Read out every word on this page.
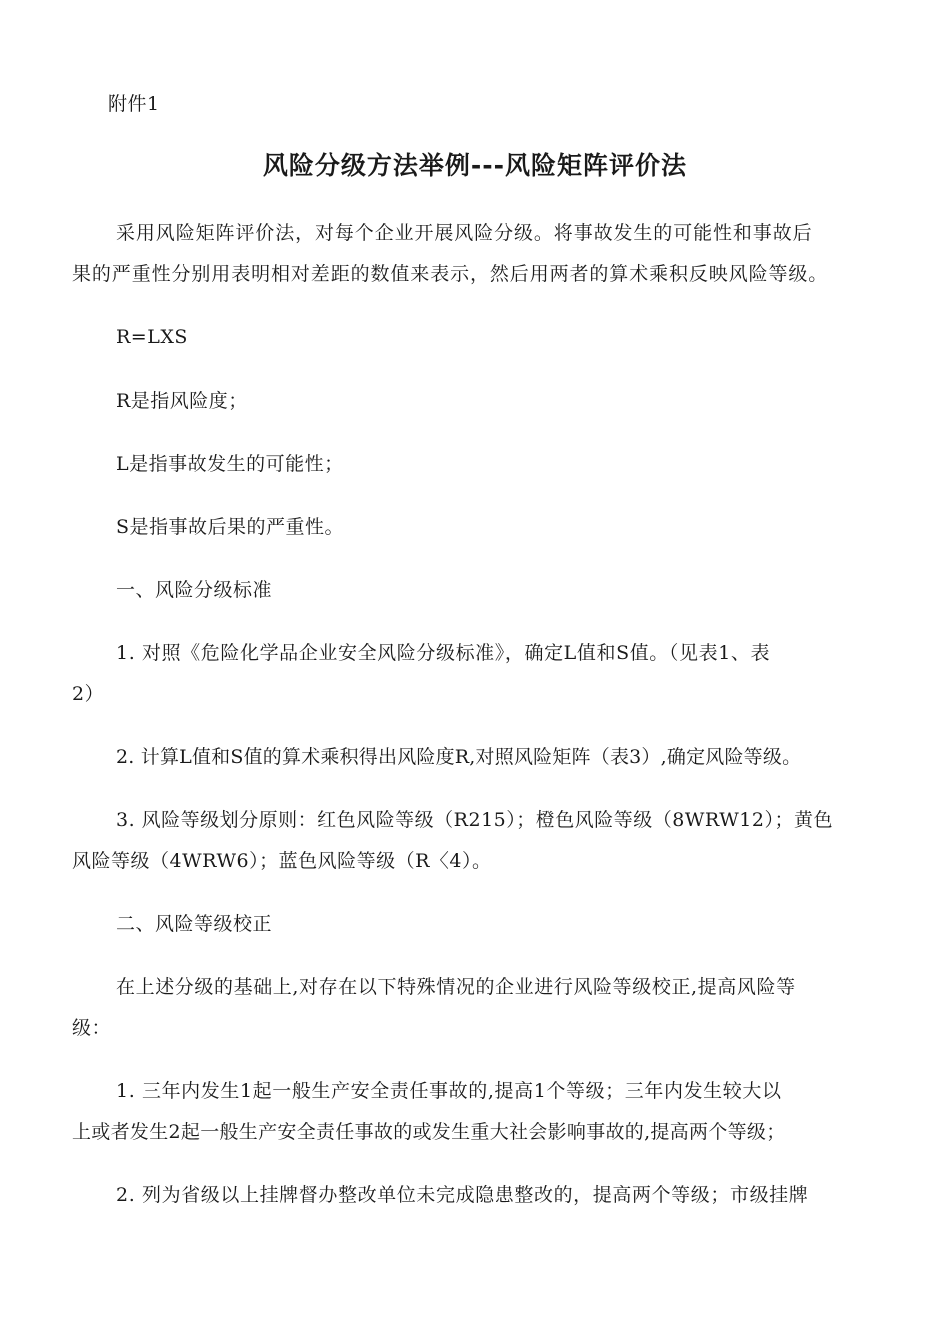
附件1
风险分级方法举例---风险矩阵评价法
采用风险矩阵评价法，对每个企业开展风险分级。将事故发生的可能性和事故后
果的严重性分别用表明相对差距的数值来表示，然后用两者的算术乘积反映风险等级。
R=LXS
R是指风险度；
L是指事故发生的可能性；
S是指事故后果的严重性。
一、风险分级标准
1. 对照《危险化学品企业安全风险分级标准》，确定L值和S值。（见表1、表
2）
2. 计算L值和S值的算术乘积得出风险度R,对照风险矩阵（表3）,确定风险等级。
3. 风险等级划分原则：红色风险等级（R215）；橙色风险等级（8WRW12）；黄色
风险等级（4WRW6）；蓝色风险等级（R〈4）。
二、风险等级校正
在上述分级的基础上,对存在以下特殊情况的企业进行风险等级校正,提高风险等
级：
1. 三年内发生1起一般生产安全责任事故的,提高1个等级；三年内发生较大以
上或者发生2起一般生产安全责任事故的或发生重大社会影响事故的,提高两个等级；
2. 列为省级以上挂牌督办整改单位未完成隐患整改的，提高两个等级；市级挂牌
